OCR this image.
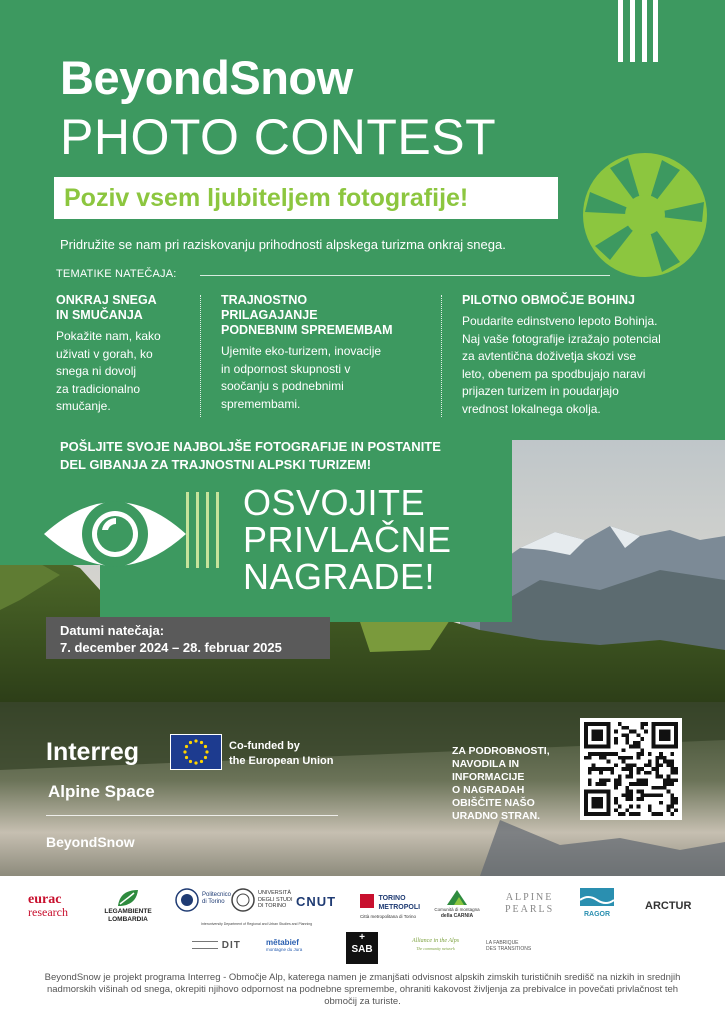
BeyondSnow
PHOTO CONTEST
Poziv vsem ljubiteljem fotografije!
Pridružite se nam pri raziskovanju prihodnosti alpskega turizma onkraj snega.
TEMATIKE NATEČAJA:
ONKRAJ SNEGA
IN SMUČANJA

Pokažite nam, kako
uživati v gorah, ko
snega ni dovolj
za tradicionalno
smučanje.

TRAJNOSTNO
PRILAGAJANJE
PODNEBNIM SPREMEMBAM

Ujemite eko-turizem, inovacije
in odpornost skupnosti v
soočanju s podnebnimi
spremembami.

PILOTNO OBMOČJE BOHINJ

Poudarite edinstveno lepoto Bohinja.
Naj vaše fotografije izražajo potencial
za avtentična doživetja skozi vse
leto, obenem pa spodbujajo naravi
prijazen turizem in poudarjajo
vrednost lokalnega okolja.

POŠLJITE SVOJE NAJBOLJŠE FOTOGRAFIJE IN POSTANITE
DEL GIBANJA ZA TRAJNOSTNI ALPSKI TURIZEM!
OSVOJITE
PRIVLAČNE
NAGRADE!
Datumi natečaja:
7. december 2024 – 28. februar 2025
Interreg	Co-funded by
the European Union
Alpine Space
BeyondSnow
ZA PODROBNOSTI,
NAVODILA IN
INFORMACIJE
O NAGRADAH
OBIŠČITE NAŠO
URADNO STRAN.
eurac
research	LEGAMBIENTE
LOMBARDIA
Politecnico di Torino
UNIVERSITÀ
DEGLI STUDI
DI TORINO
Interuniversity Department of Regional and Urban Studies and Planning
CNUT
	TORINO
METROPOLI
Città metropolitana di Torino
Comunità di montagna
della CARNIA
ALPINE
PEARLS	RAGOR
ARCTUR
DIT	mētabief
montagne du Jura
+
SAB
Alliance in the Alps
The community network
LA FABRIQUE
DES TRANSITIONS
BeyondSnow je projekt programa Interreg - Območje Alp, katerega namen je zmanjšati odvisnost alpskih zimskih turističnih središč na nizkih in srednjih nadmorskih višinah od snega, okrepiti njihovo odpornost na podnebne spremembe, ohraniti kakovost življenja za prebivalce in povečati privlačnost teh območij za turiste.
